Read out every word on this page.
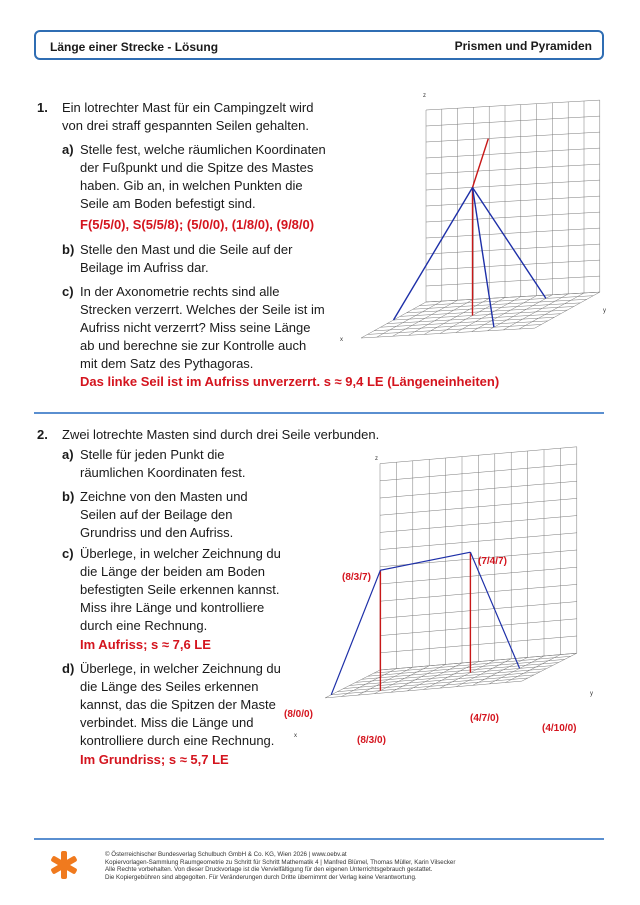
Länge einer Strecke - Lösung	Prismen und Pyramiden
1. Ein lotrechter Mast für ein Campingzelt wird
von drei straff gespannten Seilen gehalten.
a) Stelle fest, welche räumlichen Koordinaten
der Fußpunkt und die Spitze des Mastes
haben. Gib an, in welchen Punkten die
Seile am Boden befestigt sind.
F(5/5/0), S(5/5/8); (5/0/0), (1/8/0), (9/8/0)
b) Stelle den Mast und die Seile auf der
Beilage im Aufriss dar.
c) In der Axonometrie rechts sind alle
Strecken verzerrt. Welches der Seile ist im
Aufriss nicht verzerrt? Miss seine Länge
ab und berechne sie zur Kontrolle auch
mit dem Satz des Pythagoras.
Das linke Seil ist im Aufriss unverzerrt. s ≈ 9,4 LE (Längeneinheiten)
z
y
x
2. Zwei lotrechte Masten sind durch drei Seile verbunden.
a) Stelle für jeden Punkt die
räumlichen Koordinaten fest.
b) Zeichne von den Masten und
Seilen auf der Beilage den
Grundriss und den Aufriss.
c) Überlege, in welcher Zeichnung du
die Länge der beiden am Boden
befestigten Seile erkennen kannst.
Miss ihre Länge und kontrolliere
durch eine Rechnung.
Im Aufriss; s ≈ 7,6 LE
d) Überlege, in welcher Zeichnung du
die Länge des Seiles erkennen
kannst, das die Spitzen der Maste
verbindet. Miss die Länge und
kontrolliere durch eine Rechnung.
Im Grundriss; s ≈ 5,7 LE
z
y
x
(8/3/7)
(7/4/7)
(8/0/0)
(8/3/0)
(4/7/0)
(4/10/0)
© Österreichischer Bundesverlag Schulbuch GmbH & Co. KG, Wien 2026 | www.oebv.at
Kopiervorlagen-Sammlung Raumgeometrie zu Schritt für Schritt Mathematik 4 | Manfred Blümel, Thomas Müller, Karin Vilsecker
Alle Rechte vorbehalten. Von dieser Druckvorlage ist die Vervielfältigung für den eigenen Unterrichtsgebrauch gestattet.
Die Kopiergebühren sind abgegolten. Für Veränderungen durch Dritte übernimmt der Verlag keine Verantwortung.
